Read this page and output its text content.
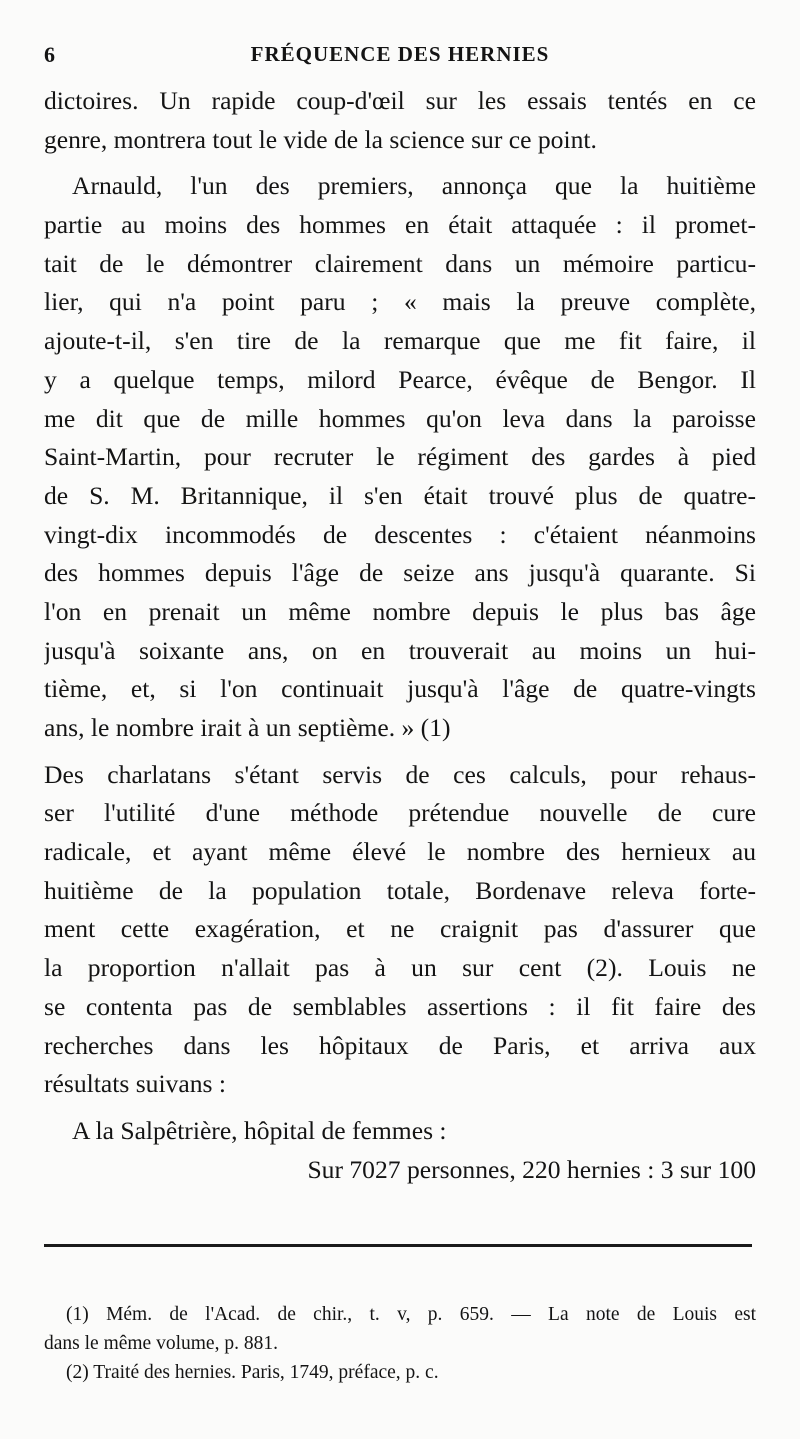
6	FRÉQUENCE DES HERNIES
dictoires. Un rapide coup-d'œil sur les essais tentés en ce
genre, montrera tout le vide de la science sur ce point.
Arnauld, l'un des premiers, annonça que la huitième
partie au moins des hommes en était attaquée : il promet-
tait de le démontrer clairement dans un mémoire particu-
lier, qui n'a point paru ; « mais la preuve complète,
ajoute-t-il, s'en tire de la remarque que me fit faire, il
y a quelque temps, milord Pearce, évêque de Bengor. Il
me dit que de mille hommes qu'on leva dans la paroisse
Saint-Martin, pour recruter le régiment des gardes à pied
de S. M. Britannique, il s'en était trouvé plus de quatre-
vingt-dix incommodés de descentes : c'étaient néanmoins
des hommes depuis l'âge de seize ans jusqu'à quarante. Si
l'on en prenait un même nombre depuis le plus bas âge
jusqu'à soixante ans, on en trouverait au moins un hui-
tième, et, si l'on continuait jusqu'à l'âge de quatre-vingts
ans, le nombre irait à un septième. » (1)
Des charlatans s'étant servis de ces calculs, pour rehaus-
ser l'utilité d'une méthode prétendue nouvelle de cure
radicale, et ayant même élevé le nombre des hernieux au
huitième de la population totale, Bordenave releva forte-
ment cette exagération, et ne craignit pas d'assurer que
la proportion n'allait pas à un sur cent (2). Louis ne
se contenta pas de semblables assertions : il fit faire des
recherches dans les hôpitaux de Paris, et arriva aux
résultats suivans :
A la Salpêtrière, hôpital de femmes :
Sur 7027 personnes, 220 hernies : 3 sur 100
(1) Mém. de l'Acad. de chir., t. v, p. 659. — La note de Louis est
dans le même volume, p. 881.
(2) Traité des hernies. Paris, 1749, préface, p. c.
